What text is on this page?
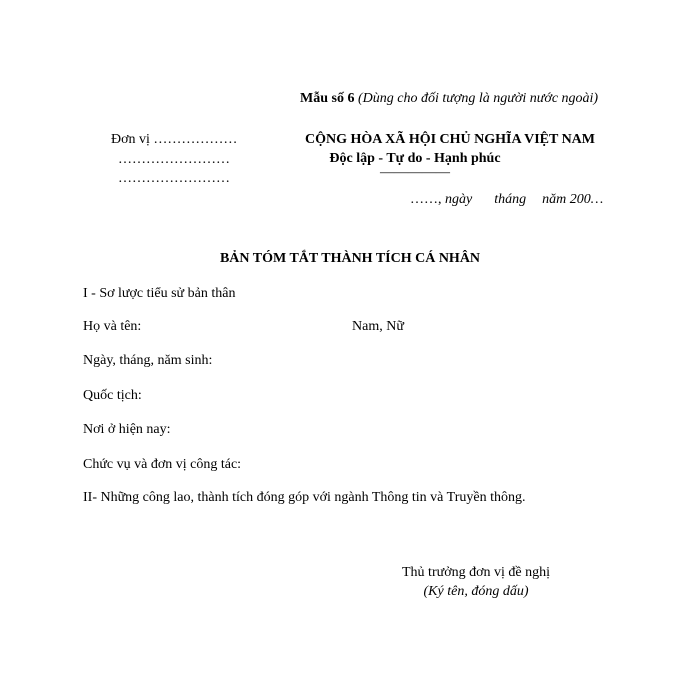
Mẫu số 6 (Dùng cho đối tượng là người nước ngoài)
Đơn vị ………………
……………………
……………………
CỘNG HÒA XÃ HỘI CHỦ NGHĨA VIỆT NAM
Độc lập - Tự do - Hạnh phúc
—————
……, ngày tháng năm 200…
BẢN TÓM TẮT THÀNH TÍCH CÁ NHÂN
I - Sơ lược tiểu sử bản thân
Họ và tên:	Nam, Nữ
Ngày, tháng, năm sinh:
Quốc tịch:
Nơi ở hiện nay:
Chức vụ và đơn vị công tác:
II- Những công lao, thành tích đóng góp với ngành Thông tin và Truyền thông.
Thủ trưởng đơn vị đề nghị
(Ký tên, đóng dấu)
